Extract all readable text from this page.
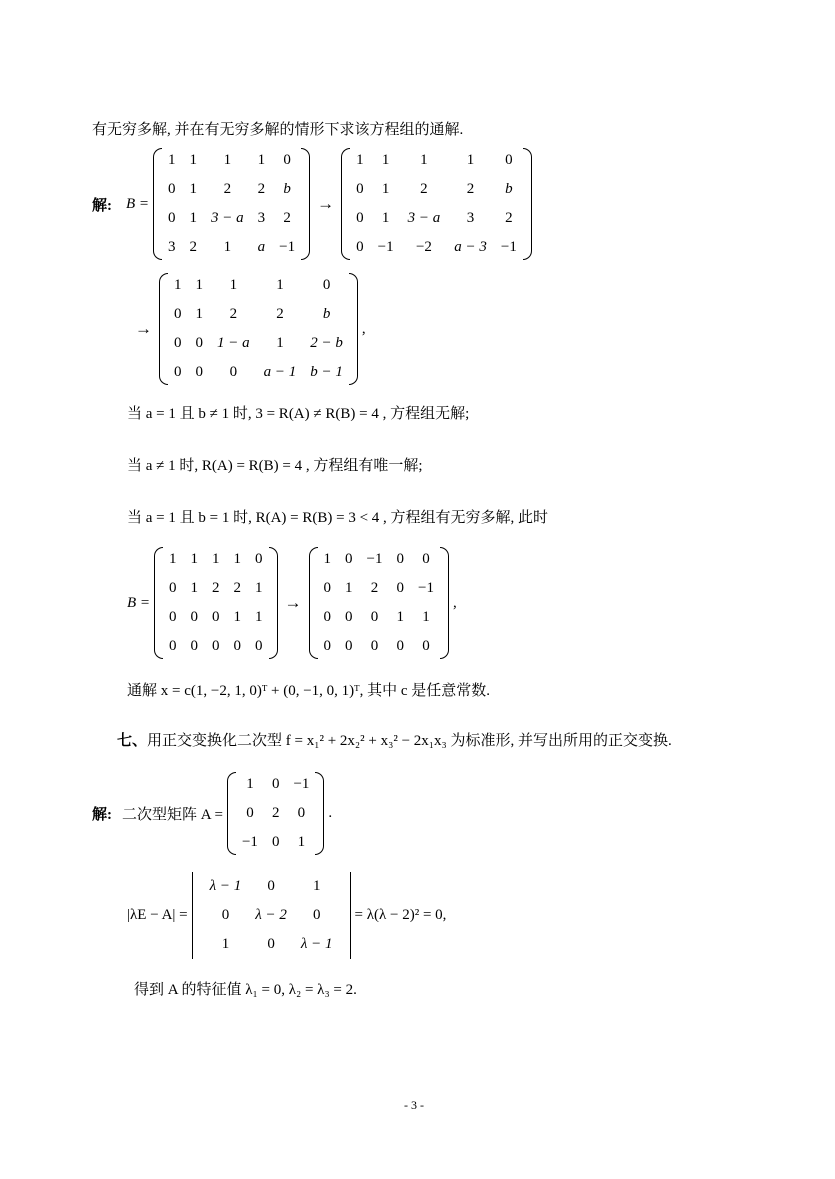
有无穷多解, 并在有无穷多解的情形下求该方程组的通解.
解: B =
1	1	1	1	0
0	1	2	2	b
0	1	3 − a	3	2
3	2	1	a	−1
→
1	1	1	1	0
0	1	2	2	b
0	1	3 − a	3	2
0	−1	−2	a − 3	−1
→
1	1	1	1	0
0	1	2	2	b
0	0	1 − a	1	2 − b
0	0	0	a − 1	b − 1
,
当 a = 1 且 b ≠ 1 时, 3 = R(A) ≠ R(B) = 4 , 方程组无解;
当 a ≠ 1 时, R(A) = R(B) = 4 , 方程组有唯一解;
当 a = 1 且 b = 1 时, R(A) = R(B) = 3 < 4 , 方程组有无穷多解, 此时
B =
1	1	1	1	0
0	1	2	2	1
0	0	0	1	1
0	0	0	0	0
→
1	0	−1	0	0
0	1	2	0	−1
0	0	0	1	1
0	0	0	0	0
,
通解 x = c(1, −2, 1, 0)ᵀ + (0, −1, 0, 1)ᵀ, 其中 c 是任意常数.
七、用正交变换化二次型 f = x₁² + 2x₂² + x₃² − 2x₁x₃ 为标准形, 并写出所用的正交变换.
解: 二次型矩阵 A =
1	0	−1
0	2	0
−1	0	1
.
|λE − A| =
λ − 1	0	1
0	λ − 2	0
1	0	λ − 1
= λ(λ − 2)² = 0,
得到 A 的特征值 λ₁ = 0, λ₂ = λ₃ = 2.
- 3 -
